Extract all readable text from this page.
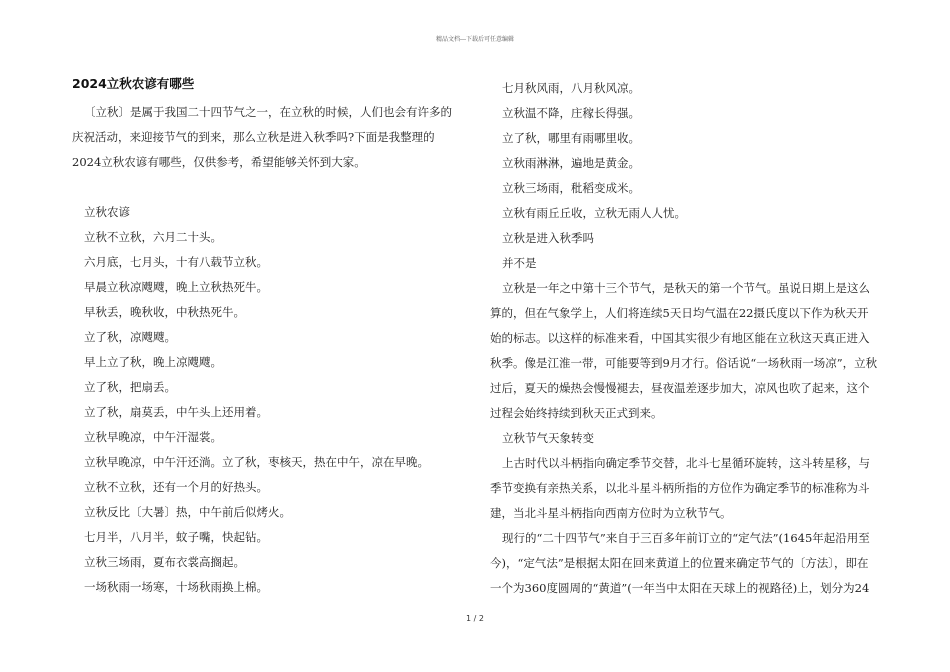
精品文档---下载后可任意编辑
2024立秋农谚有哪些

〔立秋〕是属于我国二十四节气之一，在立秋的时候，人们也会有许多的庆祝活动，来迎接节气的到来，那么立秋是进入秋季吗?下面是我整理的2024立秋农谚有哪些，仅供参考，希望能够关怀到大家。

立秋农谚
立秋不立秋，六月二十头。
六月底，七月头，十有八载节立秋。
早晨立秋凉飕飕，晚上立秋热死牛。
早秋丢，晚秋收，中秋热死牛。
立了秋，凉飕飕。
早上立了秋，晚上凉飕飕。
立了秋，把扇丢。
立了秋，扇莫丢，中午头上还用着。
立秋早晚凉，中午汗湿裳。
立秋早晚凉，中午汗还淌。立了秋，枣核天，热在中午，凉在早晚。
立秋不立秋，还有一个月的好热头。
立秋反比〔大暑〕热，中午前后似烤火。
七月半，八月半，蚊子嘴，快起钻。
立秋三场雨，夏布衣裳高搁起。
一场秋雨一场寒，十场秋雨换上棉。
七月秋风雨，八月秋风凉。
立秋温不降，庄稼长得强。
立了秋，哪里有雨哪里收。
立秋雨淋淋，遍地是黄金。
立秋三场雨，秕稻变成米。
立秋有雨丘丘收，立秋无雨人人忧。
立秋是进入秋季吗
并不是

立秋是一年之中第十三个节气，是秋天的第一个节气。虽说日期上是这么算的，但在气象学上，人们将连续5天日均气温在22摄氏度以下作为秋天开始的标志。以这样的标准来看，中国其实很少有地区能在立秋这天真正进入秋季。像是江淮一带，可能要等到9月才行。俗话说“一场秋雨一场凉”，立秋过后，夏天的燥热会慢慢褪去，昼夜温差逐步加大，凉风也吹了起来，这个过程会始终持续到秋天正式到来。

立秋节气天象转变

上古时代以斗柄指向确定季节交替，北斗七星循环旋转，这斗转星移，与季节变换有亲热关系，以北斗星斗柄所指的方位作为确定季节的标准称为斗建，当北斗星斗柄指向西南方位时为立秋节气。

现行的“二十四节气”来自于三百多年前订立的“定气法”(1645年起沿用至今)，“定气法”是根据太阳在回来黄道上的位置来确定节气的〔方法〕，即在一个为360度圆周的“黄道”(一年当中太阳在天球上的视路径)上，划分为24

1 / 2
